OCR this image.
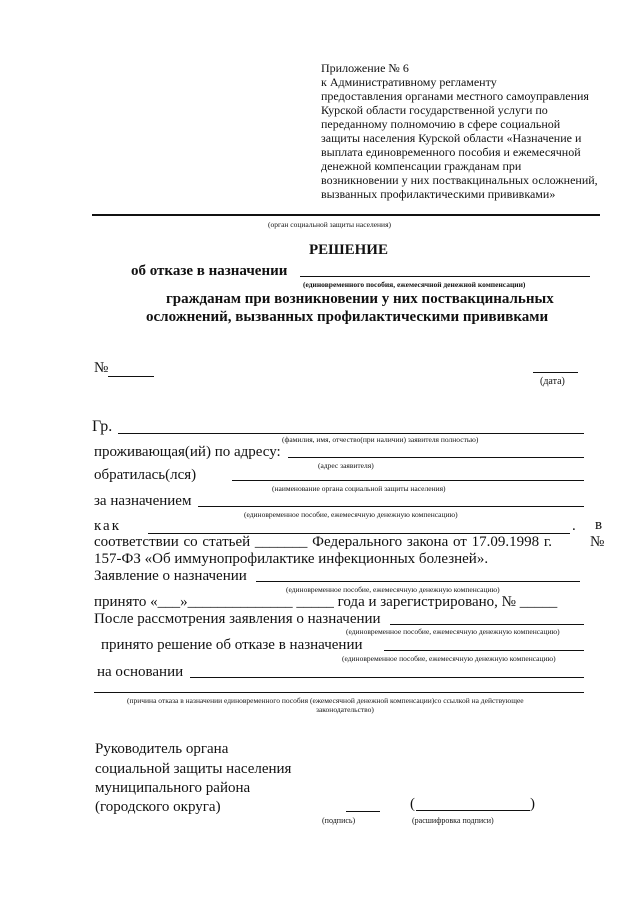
Приложение № 6
к Административному регламенту
предоставления органами местного самоуправления
Курской области государственной услуги по
переданному полномочию в сфере социальной
защиты населения Курской области «Назначение и
выплата единовременного пособия и ежемесячной
денежной компенсации гражданам при
возникновении у них поствакцинальных осложнений,
вызванных профилактическими прививками»
(орган социальной защиты населения)
РЕШЕНИЕ
об отказе в назначении
(единовременного пособия, ежемесячной денежной компенсации)
гражданам при возникновении у них поствакцинальных
осложнений, вызванных профилактическими прививками
№
(дата)
Гр.
(фамилия, имя, отчество(при наличии) заявителя полностью)
проживающая(ий) по адресу:
(адрес заявителя)
обратилась(лся)
(наименование органа социальной защиты населения)
за назначением
(единовременное пособие, ежемесячную денежную компенсацию)
как	. в
соответствии со статьей _______ Федерального закона от 17.09.1998 г.	№
157-ФЗ «Об иммунопрофилактике инфекционных болезней».
Заявление о назначении
(единовременное пособие, ежемесячную денежную компенсацию)
принято «___»______________ _____ года и зарегистрировано, № _____
После рассмотрения заявления о назначении
(единовременное пособие, ежемесячную денежную компенсацию)
принято решение об отказе в назначении
(единовременное пособие, ежемесячную денежную компенсацию)
на основании
(причина отказа в назначении единовременного пособия (ежемесячной денежной компенсации)со ссылкой на действующее
законодательство)
Руководитель органа
социальной защиты населения
муниципального района
(городского округа)
(подпись)
(	)
(расшифровка подписи)
